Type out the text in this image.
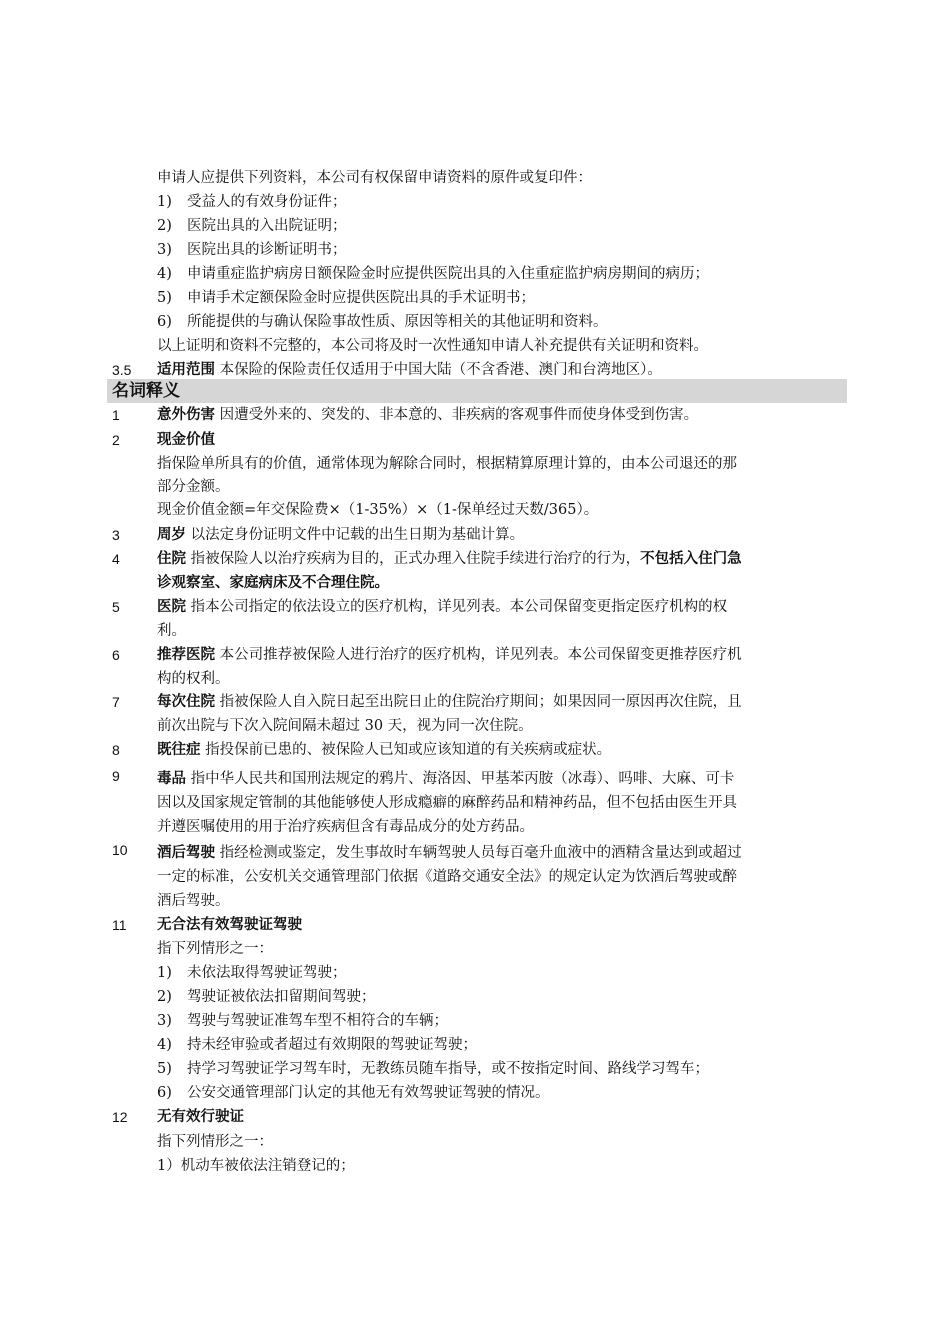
申请人应提供下列资料，本公司有权保留申请资料的原件或复印件：
1) 受益人的有效身份证件；
2) 医院出具的入出院证明；
3) 医院出具的诊断证明书；
4) 申请重症监护病房日额保险金时应提供医院出具的入住重症监护病房期间的病历；
5) 申请手术定额保险金时应提供医院出具的手术证明书；
6) 所能提供的与确认保险事故性质、原因等相关的其他证明和资料。
以上证明和资料不完整的，本公司将及时一次性通知申请人补充提供有关证明和资料。
3.5 适用范围 本保险的保险责任仅适用于中国大陆（不含香港、澳门和台湾地区）。
名词释义
1	意外伤害 因遭受外来的、突发的、非本意的、非疾病的客观事件而使身体受到伤害。
2	现金价值
指保险单所具有的价值，通常体现为解除合同时，根据精算原理计算的，由本公司退还的那
部分金额。
现金价值金额=年交保险费×（1-35%）×（1-保单经过天数/365）。
3	周岁 以法定身份证明文件中记载的出生日期为基础计算。
4	住院 指被保险人以治疗疾病为目的，正式办理入住院手续进行治疗的行为，不包括入住门急
诊观察室、家庭病床及不合理住院。
5	医院 指本公司指定的依法设立的医疗机构，详见列表。本公司保留变更指定医疗机构的权
利。
6	推荐医院 本公司推荐被保险人进行治疗的医疗机构，详见列表。本公司保留变更推荐医疗机
构的权利。
7	每次住院 指被保险人自入院日起至出院日止的住院治疗期间；如果因同一原因再次住院，且
前次出院与下次入院间隔未超过 30 天，视为同一次住院。
8	既往症 指投保前已患的、被保险人已知或应该知道的有关疾病或症状。
9	毒品 指中华人民共和国刑法规定的鸦片、海洛因、甲基苯丙胺（冰毒）、吗啡、大麻、可卡
因以及国家规定管制的其他能够使人形成瘾癖的麻醉药品和精神药品，但不包括由医生开具
并遵医嘱使用的用于治疗疾病但含有毒品成分的处方药品。
10 酒后驾驶 指经检测或鉴定，发生事故时车辆驾驶人员每百毫升血液中的酒精含量达到或超过
一定的标准，公安机关交通管理部门依据《道路交通安全法》的规定认定为饮酒后驾驶或醉
酒后驾驶。
11 无合法有效驾驶证驾驶
指下列情形之一：
1) 未依法取得驾驶证驾驶；
2) 驾驶证被依法扣留期间驾驶；
3) 驾驶与驾驶证准驾车型不相符合的车辆；
4) 持未经审验或者超过有效期限的驾驶证驾驶；
5) 持学习驾驶证学习驾车时，无教练员随车指导，或不按指定时间、路线学习驾车；
6) 公安交通管理部门认定的其他无有效驾驶证驾驶的情况。
12 无有效行驶证
指下列情形之一：
1）机动车被依法注销登记的；
